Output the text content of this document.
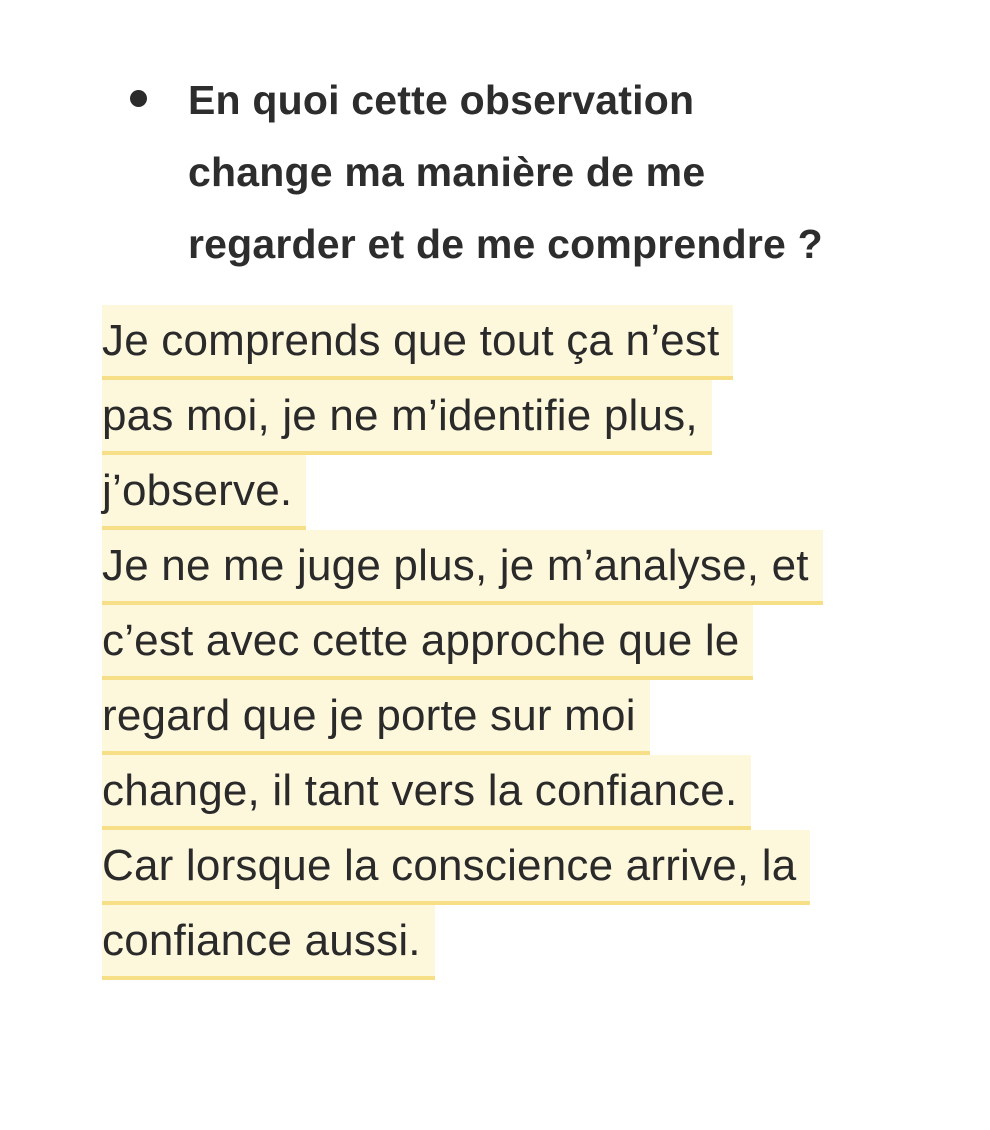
En quoi cette observation
change ma manière de me
regarder et de me comprendre ?
Je comprends que tout ça n’est
pas moi, je ne m’identifie plus,
j’observe.
Je ne me juge plus, je m’analyse, et
c’est avec cette approche que le
regard que je porte sur moi
change, il tant vers la confiance.
Car lorsque la conscience arrive, la
confiance aussi.
